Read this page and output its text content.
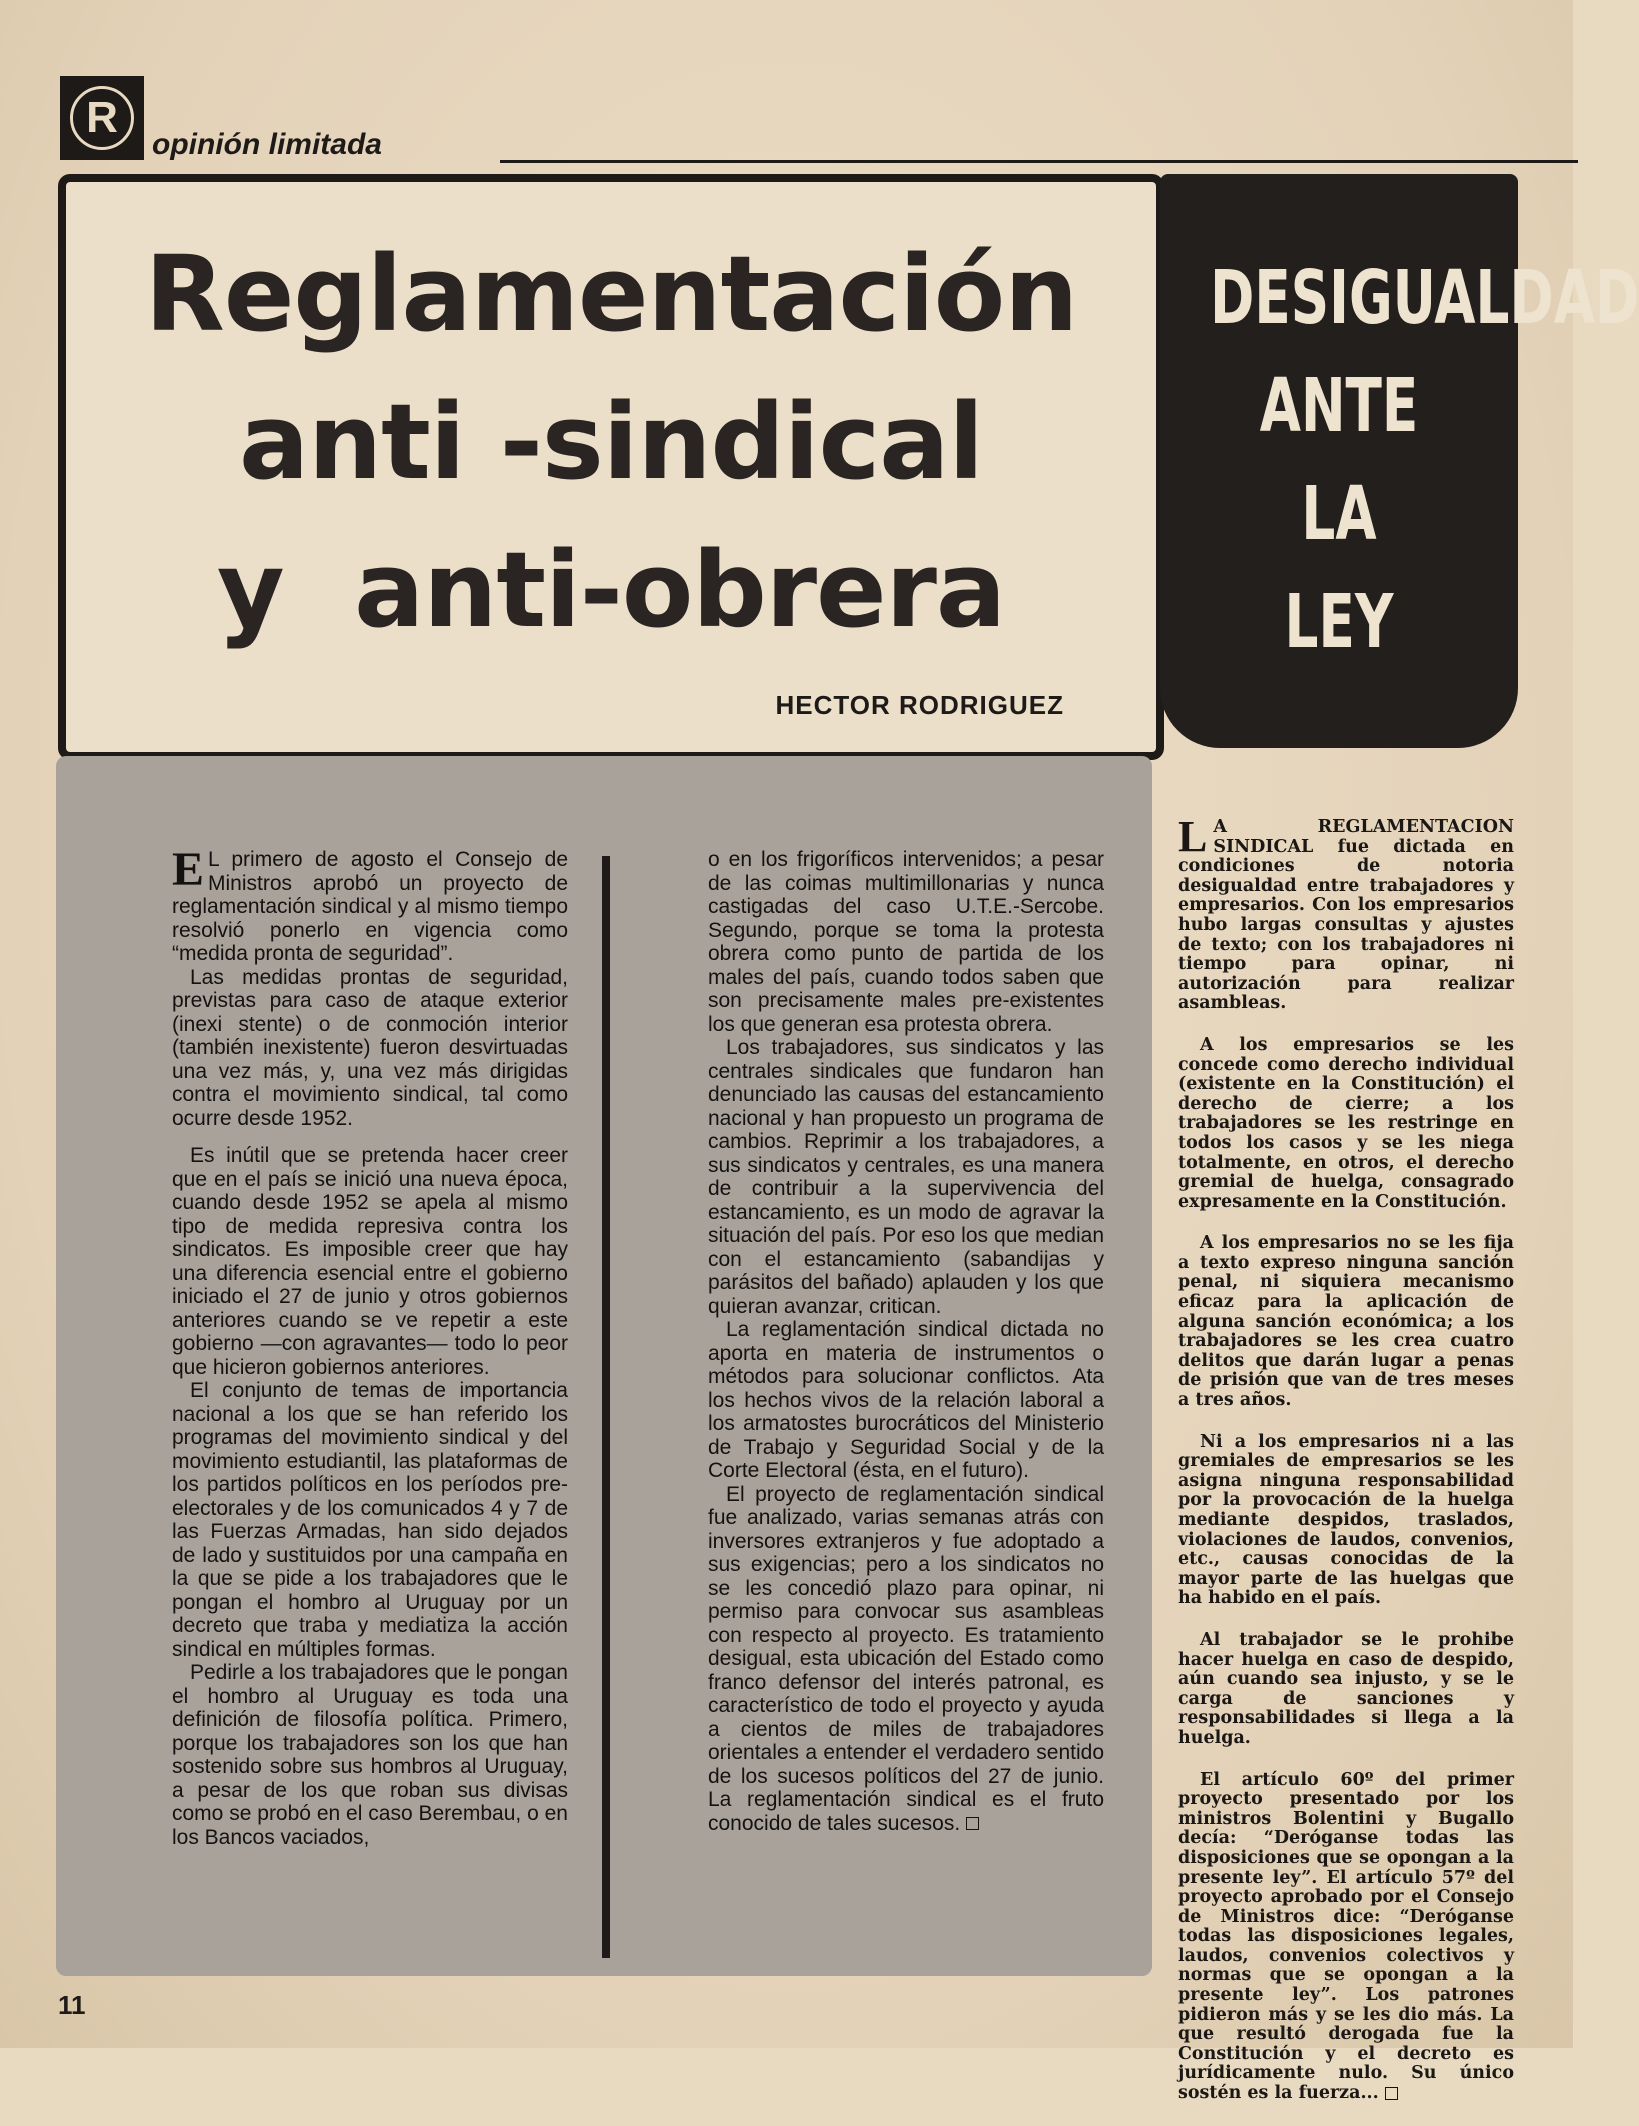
R
opinión limitada
Reglamentación
anti -sindical
y  anti-obrera
HECTOR RODRIGUEZ
DESIGUALDAD
ANTE
LA
LEY

E L primero de agosto el Consejo de Ministros aprobó un proyecto de reglamentación sindical y al mismo tiempo resolvió ponerlo en vigencia como “medida pronta de seguridad”.

Las medidas prontas de seguridad, previstas para caso de ataque exterior (inexi stente) o de conmoción interior (también inexistente) fueron desvirtuadas una vez más, y, una vez más dirigidas contra el movimiento sindical, tal como ocurre desde 1952.

Es inútil que se pretenda hacer creer que en el país se inició una nueva época, cuando desde 1952 se apela al mismo tipo de medida represiva contra los sindicatos. Es imposible creer que hay una diferencia esencial entre el gobierno iniciado el 27 de junio y otros gobiernos anteriores cuando se ve repetir a este gobierno —con agravantes— todo lo peor que hicieron gobiernos anteriores.

El conjunto de temas de importancia nacional a los que se han referido los programas del movimiento sindical y del movimiento estudiantil, las plataformas de los partidos políticos en los períodos pre-electorales y de los comunicados 4 y 7 de las Fuerzas Armadas, han sido dejados de lado y sustituidos por una campaña en la que se pide a los trabajadores que le pongan el hombro al Uruguay por un decreto que traba y mediatiza la acción sindical en múltiples formas.

Pedirle a los trabajadores que le pongan el hombro al Uruguay es toda una definición de filosofía política. Primero, porque los trabajadores son los que han sostenido sobre sus hombros al Uruguay, a pesar de los que roban sus divisas como se probó en el caso Berembau, o en los Bancos vaciados,

o en los frigoríficos intervenidos; a pesar de las coimas multimillonarias y nunca castigadas del caso U.T.E.-Sercobe. Segundo, porque se toma la protesta obrera como punto de partida de los males del país, cuando todos saben que son precisamente males pre-existentes los que generan esa protesta obrera.

Los trabajadores, sus sindicatos y las centrales sindicales que fundaron han denunciado las causas del estancamiento nacional y han propuesto un programa de cambios. Reprimir a los trabajadores, a sus sindicatos y centrales, es una manera de contribuir a la supervivencia del estancamiento, es un modo de agravar la situación del país. Por eso los que median con el estancamiento (sabandijas y parásitos del bañado) aplauden y los que quieran avanzar, critican.

La reglamentación sindical dictada no aporta en materia de instrumentos o métodos para solucionar conflictos. Ata los hechos vivos de la relación laboral a los armatostes burocráticos del Ministerio de Trabajo y Seguridad Social y de la Corte Electoral (ésta, en el futuro).

El proyecto de reglamentación sindical fue analizado, varias semanas atrás con inversores extranjeros y fue adoptado a sus exigencias; pero a los sindicatos no se les concedió plazo para opinar, ni permiso para convocar sus asambleas con respecto al proyecto. Es tratamiento desigual, esta ubicación del Estado como franco defensor del interés patronal, es característico de todo el proyecto y ayuda a cientos de miles de trabajadores orientales a entender el verdadero sentido de los sucesos políticos del 27 de junio. La reglamentación sindical es el fruto conocido de tales sucesos.

L A REGLAMENTACION SINDICAL fue dictada en condiciones de notoria desigualdad entre trabajadores y empresarios. Con los empresarios hubo largas consultas y ajustes de texto; con los trabajadores ni tiempo para opinar, ni autorización para realizar asambleas.

A los empresarios se les concede como derecho individual (existente en la Constitución) el derecho de cierre; a los trabajadores se les restringe en todos los casos y se les niega totalmente, en otros, el derecho gremial de huelga, consagrado expresamente en la Constitución.

A los empresarios no se les fija a texto expreso ninguna sanción penal, ni siquiera mecanismo eficaz para la aplicación de alguna sanción económica; a los trabajadores se les crea cuatro delitos que darán lugar a penas de prisión que van de tres meses a tres años.

Ni a los empresarios ni a las gremiales de empresarios se les asigna ninguna responsabilidad por la provocación de la huelga mediante despidos, traslados, violaciones de laudos, convenios, etc., causas conocidas de la mayor parte de las huelgas que ha habido en el país.

Al trabajador se le prohibe hacer huelga en caso de despido, aún cuando sea injusto, y se le carga de sanciones y responsabilidades si llega a la huelga.

El artículo 60º del primer proyecto presentado por los ministros Bolentini y Bugallo decía: “Deróganse todas las disposiciones que se opongan a la presente ley”. El artículo 57º del proyecto aprobado por el Consejo de Ministros dice: “Deróganse todas las disposiciones legales, laudos, convenios colectivos y normas que se opongan a la presente ley”. Los patrones pidieron más y se les dio más. La que resultó derogada fue la Constitución y el decreto es jurídicamente nulo. Su único sostén es la fuerza...

11
